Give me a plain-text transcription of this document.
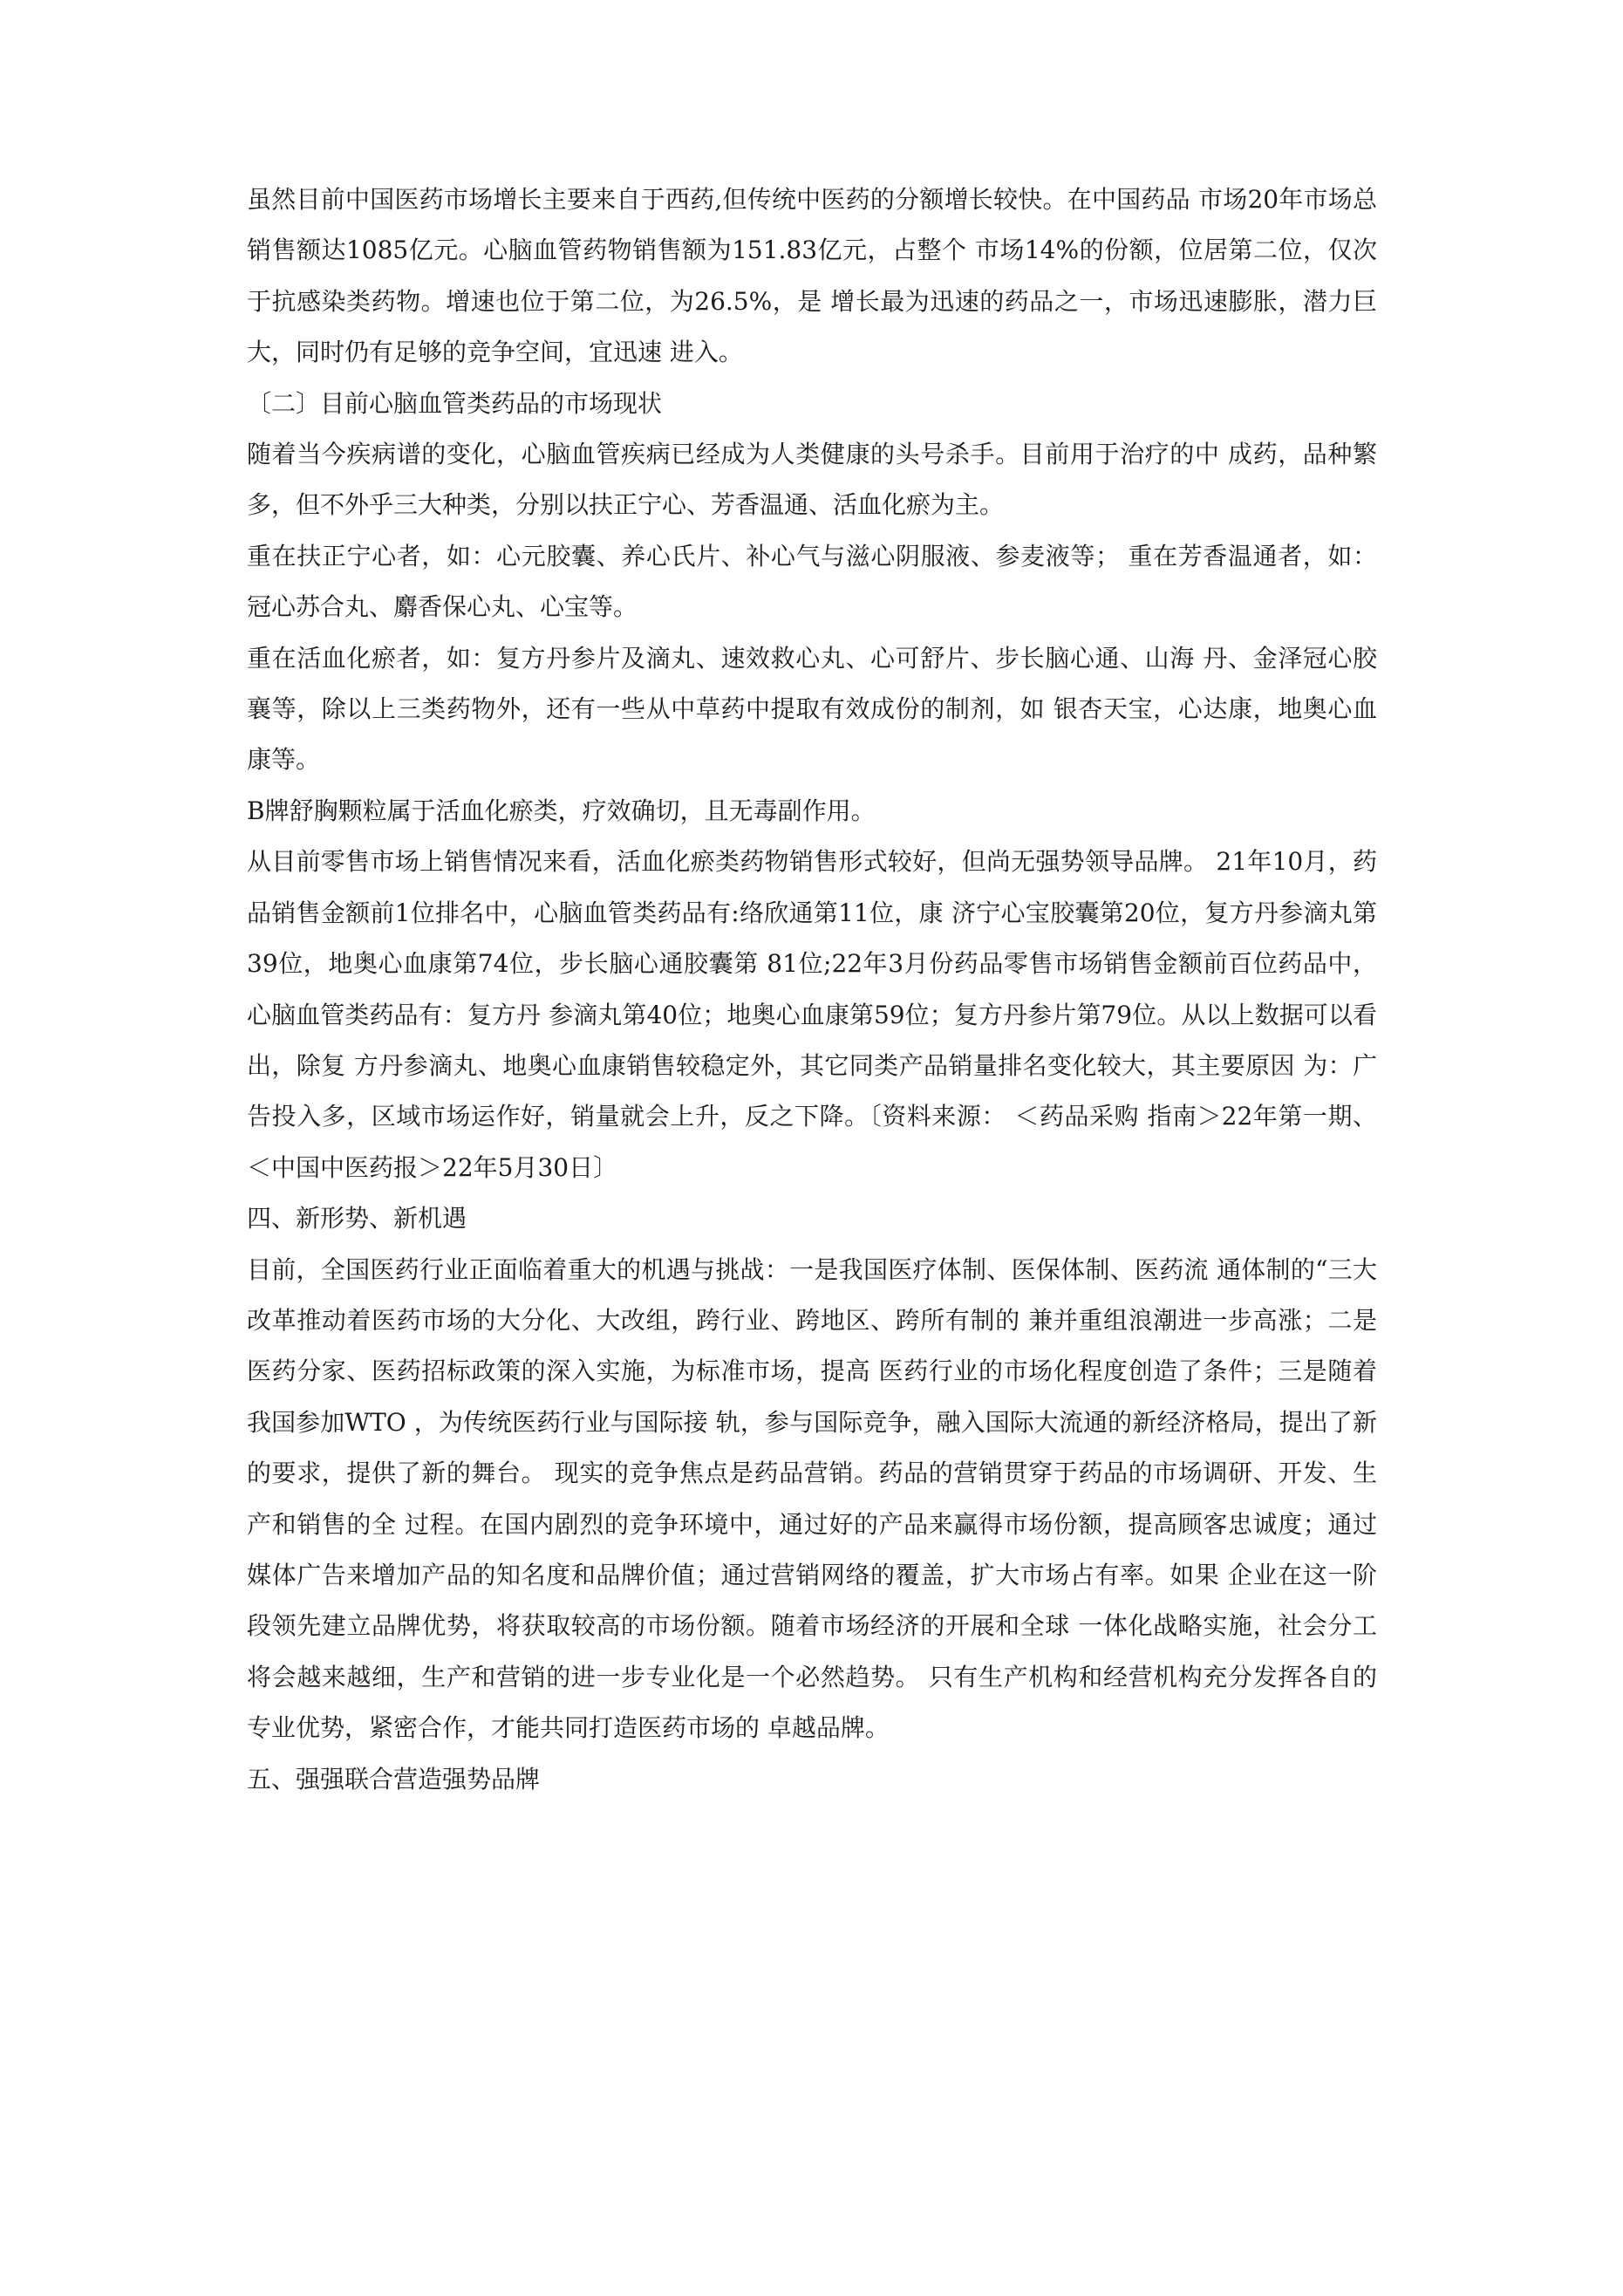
虽然目前中国医药市场增长主要来自于西药,但传统中医药的分额增长较快。在中国药品 市场20年市场总销售额达1085亿元。心脑血管药物销售额为151.83亿元，占整个 市场14%的份额，位居第二位，仅次于抗感染类药物。增速也位于第二位，为26.5%，是 增长最为迅速的药品之一，市场迅速膨胀，潜力巨大，同时仍有足够的竞争空间，宜迅速 进入。

〔二〕目前心脑血管类药品的市场现状

随着当今疾病谱的变化，心脑血管疾病已经成为人类健康的头号杀手。目前用于治疗的中 成药，品种繁多，但不外乎三大种类，分别以扶正宁心、芳香温通、活血化瘀为主。

重在扶正宁心者，如：心元胶囊、养心氏片、补心气与滋心阴服液、参麦液等； 重在芳香温通者，如：冠心苏合丸、麝香保心丸、心宝等。

重在活血化瘀者，如：复方丹参片及滴丸、速效救心丸、心可舒片、步长脑心通、山海 丹、金泽冠心胶襄等，除以上三类药物外，还有一些从中草药中提取有效成份的制剂，如 银杏天宝，心达康，地奥心血康等。

B牌舒胸颗粒属于活血化瘀类，疗效确切，且无毒副作用。

从目前零售市场上销售情况来看，活血化瘀类药物销售形式较好，但尚无强势领导品牌。 21年10月，药品销售金额前1位排名中，心脑血管类药品有:络欣通第11位，康 济宁心宝胶囊第20位，复方丹参滴丸第39位，地奥心血康第74位，步长脑心通胶囊第 81位;22年3月份药品零售市场销售金额前百位药品中，心脑血管类药品有：复方丹 参滴丸第40位；地奥心血康第59位；复方丹参片第79位。从以上数据可以看出，除复 方丹参滴丸、地奥心血康销售较稳定外，其它同类产品销量排名变化较大，其主要原因 为：广告投入多，区域市场运作好，销量就会上升，反之下降。〔资料来源： ＜药品采购 指南＞22年第一期、＜中国中医药报＞22年5月30日〕

四、新形势、新机遇

目前，全国医药行业正面临着重大的机遇与挑战：一是我国医疗体制、医保体制、医药流 通体制的“三大改革推动着医药市场的大分化、大改组，跨行业、跨地区、跨所有制的 兼并重组浪潮进一步高涨；二是医药分家、医药招标政策的深入实施，为标准市场，提高 医药行业的市场化程度创造了条件；三是随着我国参加WTO ，为传统医药行业与国际接 轨，参与国际竞争，融入国际大流通的新经济格局，提出了新的要求，提供了新的舞台。 现实的竞争焦点是药品营销。药品的营销贯穿于药品的市场调研、开发、生产和销售的全 过程。在国内剧烈的竞争环境中，通过好的产品来赢得市场份额，提高顾客忠诚度；通过 媒体广告来增加产品的知名度和品牌价值；通过营销网络的覆盖，扩大市场占有率。如果 企业在这一阶段领先建立品牌优势，将获取较高的市场份额。随着市场经济的开展和全球 一体化战略实施，社会分工将会越来越细，生产和营销的进一步专业化是一个必然趋势。 只有生产机构和经营机构充分发挥各自的专业优势，紧密合作，才能共同打造医药市场的 卓越品牌。

五、强强联合营造强势品牌
